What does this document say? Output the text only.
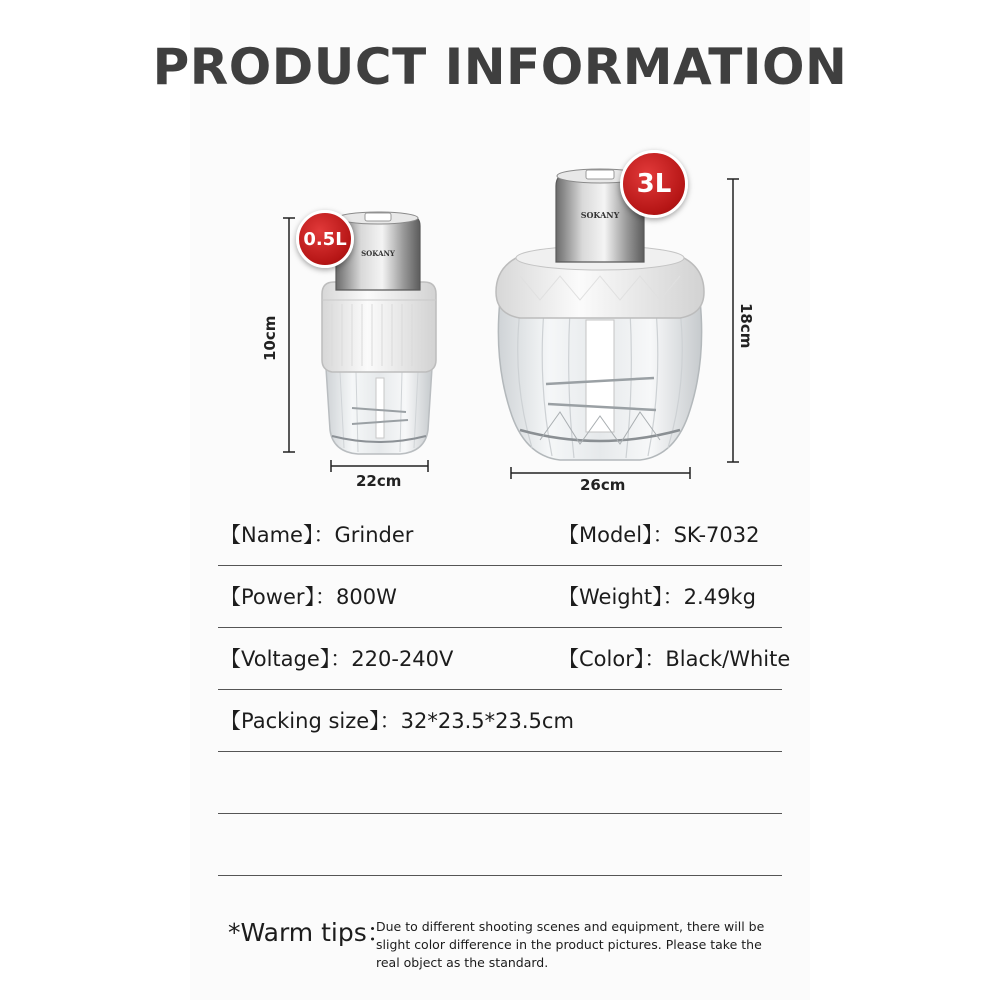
PRODUCT INFORMATION
SOKANY
SOKANY
0.5L
3L
10cm
22cm
18cm
26cm
【Name】：Grinder	【Model】：SK-7032
【Power】：800W	【Weight】：2.49kg
【Voltage】：220-240V	【Color】：Black/White
【Packing size】：32*23.5*23.5cm
*Warm tips：
Due to different shooting scenes and equipment, there will be slight color difference in the product pictures. Please take the real object as the standard.
